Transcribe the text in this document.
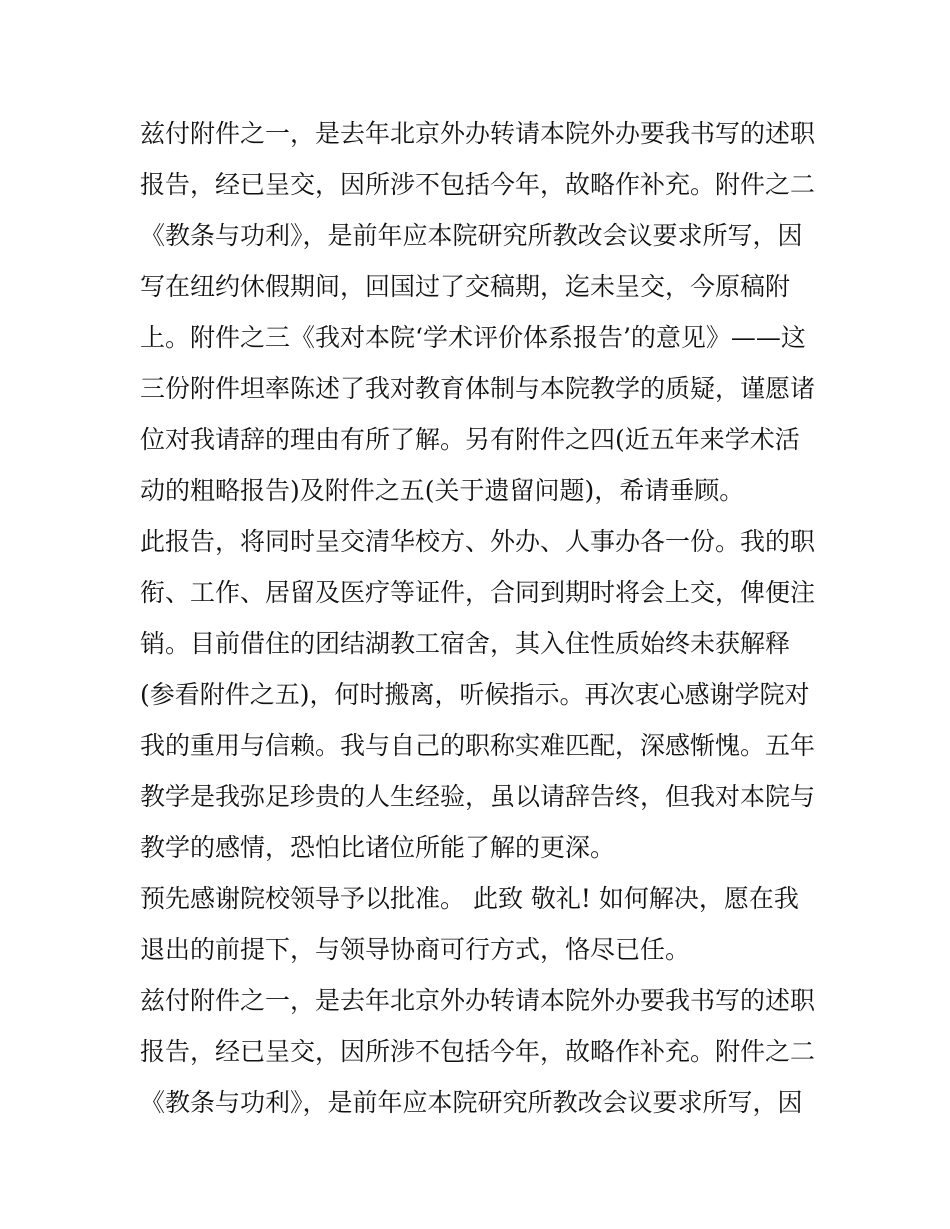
兹付附件之一，是去年北京外办转请本院外办要我书写的述职
报告，经已呈交，因所涉不包括今年，故略作补充。附件之二
《教条与功利》，是前年应本院研究所教改会议要求所写，因
写在纽约休假期间，回国过了交稿期，迄未呈交，今原稿附
上。附件之三《我对本院‘学术评价体系报告’的意见》——这
三份附件坦率陈述了我对教育体制与本院教学的质疑，谨愿诸
位对我请辞的理由有所了解。另有附件之四(近五年来学术活
动的粗略报告)及附件之五(关于遗留问题)，希请垂顾。
此报告，将同时呈交清华校方、外办、人事办各一份。我的职
衔、工作、居留及医疗等证件，合同到期时将会上交，俾便注
销。目前借住的团结湖教工宿舍，其入住性质始终未获解释
(参看附件之五)，何时搬离，听候指示。再次衷心感谢学院对
我的重用与信赖。我与自己的职称实难匹配，深感惭愧。五年
教学是我弥足珍贵的人生经验，虽以请辞告终，但我对本院与
教学的感情，恐怕比诸位所能了解的更深。
预先感谢院校领导予以批准。 此致 敬礼! 如何解决，愿在我
退出的前提下，与领导协商可行方式，恪尽已任。
兹付附件之一，是去年北京外办转请本院外办要我书写的述职
报告，经已呈交，因所涉不包括今年，故略作补充。附件之二
《教条与功利》，是前年应本院研究所教改会议要求所写，因
